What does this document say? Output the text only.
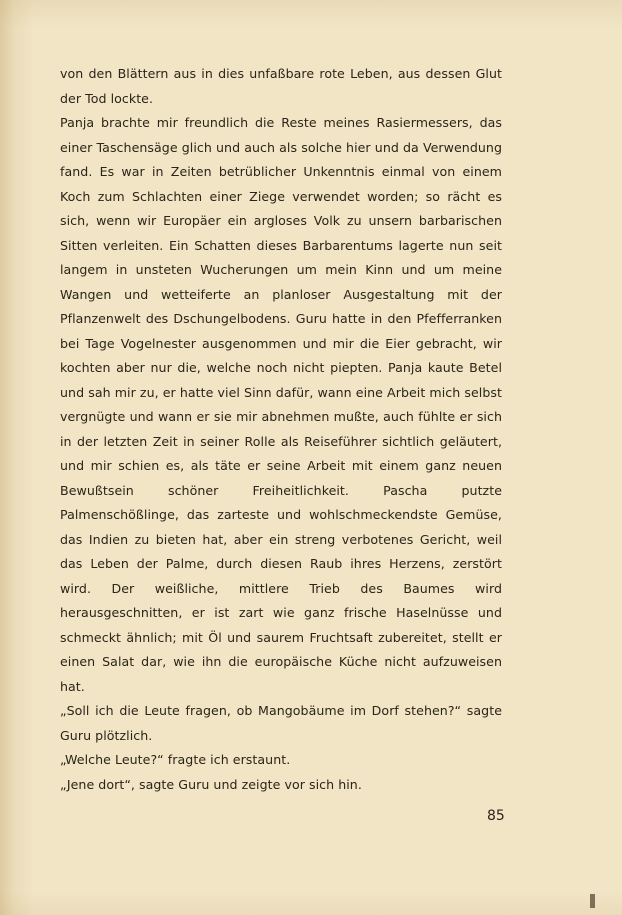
von den Blättern aus in dies unfaßbare rote Leben, aus dessen Glut der Tod lockte.

Panja brachte mir freundlich die Reste meines Rasiermessers, das einer Taschensäge glich und auch als solche hier und da Verwendung fand. Es war in Zeiten betrüblicher Unkenntnis einmal von einem Koch zum Schlachten einer Ziege verwendet worden; so rächt es sich, wenn wir Europäer ein argloses Volk zu unsern barbarischen Sitten verleiten. Ein Schatten dieses Barbarentums lagerte nun seit langem in unsteten Wucherungen um mein Kinn und um meine Wangen und wetteiferte an planloser Ausgestaltung mit der Pflanzenwelt des Dschungelbodens. Guru hatte in den Pfefferranken bei Tage Vogelnester ausgenommen und mir die Eier gebracht, wir kochten aber nur die, welche noch nicht piepten. Panja kaute Betel und sah mir zu, er hatte viel Sinn dafür, wann eine Arbeit mich selbst vergnügte und wann er sie mir abnehmen mußte, auch fühlte er sich in der letzten Zeit in seiner Rolle als Reiseführer sichtlich geläutert, und mir schien es, als täte er seine Arbeit mit einem ganz neuen Bewußtsein schöner Freiheitlichkeit. Pascha putzte Palmenschößlinge, das zarteste und wohlschmeckendste Gemüse, das Indien zu bieten hat, aber ein streng verbotenes Gericht, weil das Leben der Palme, durch diesen Raub ihres Herzens, zerstört wird. Der weißliche, mittlere Trieb des Baumes wird herausgeschnitten, er ist zart wie ganz frische Haselnüsse und schmeckt ähnlich; mit Öl und saurem Fruchtsaft zubereitet, stellt er einen Salat dar, wie ihn die europäische Küche nicht aufzuweisen hat.

„Soll ich die Leute fragen, ob Mangobäume im Dorf stehen?“ sagte Guru plötzlich.

„Welche Leute?“ fragte ich erstaunt.

„Jene dort“, sagte Guru und zeigte vor sich hin.

85
